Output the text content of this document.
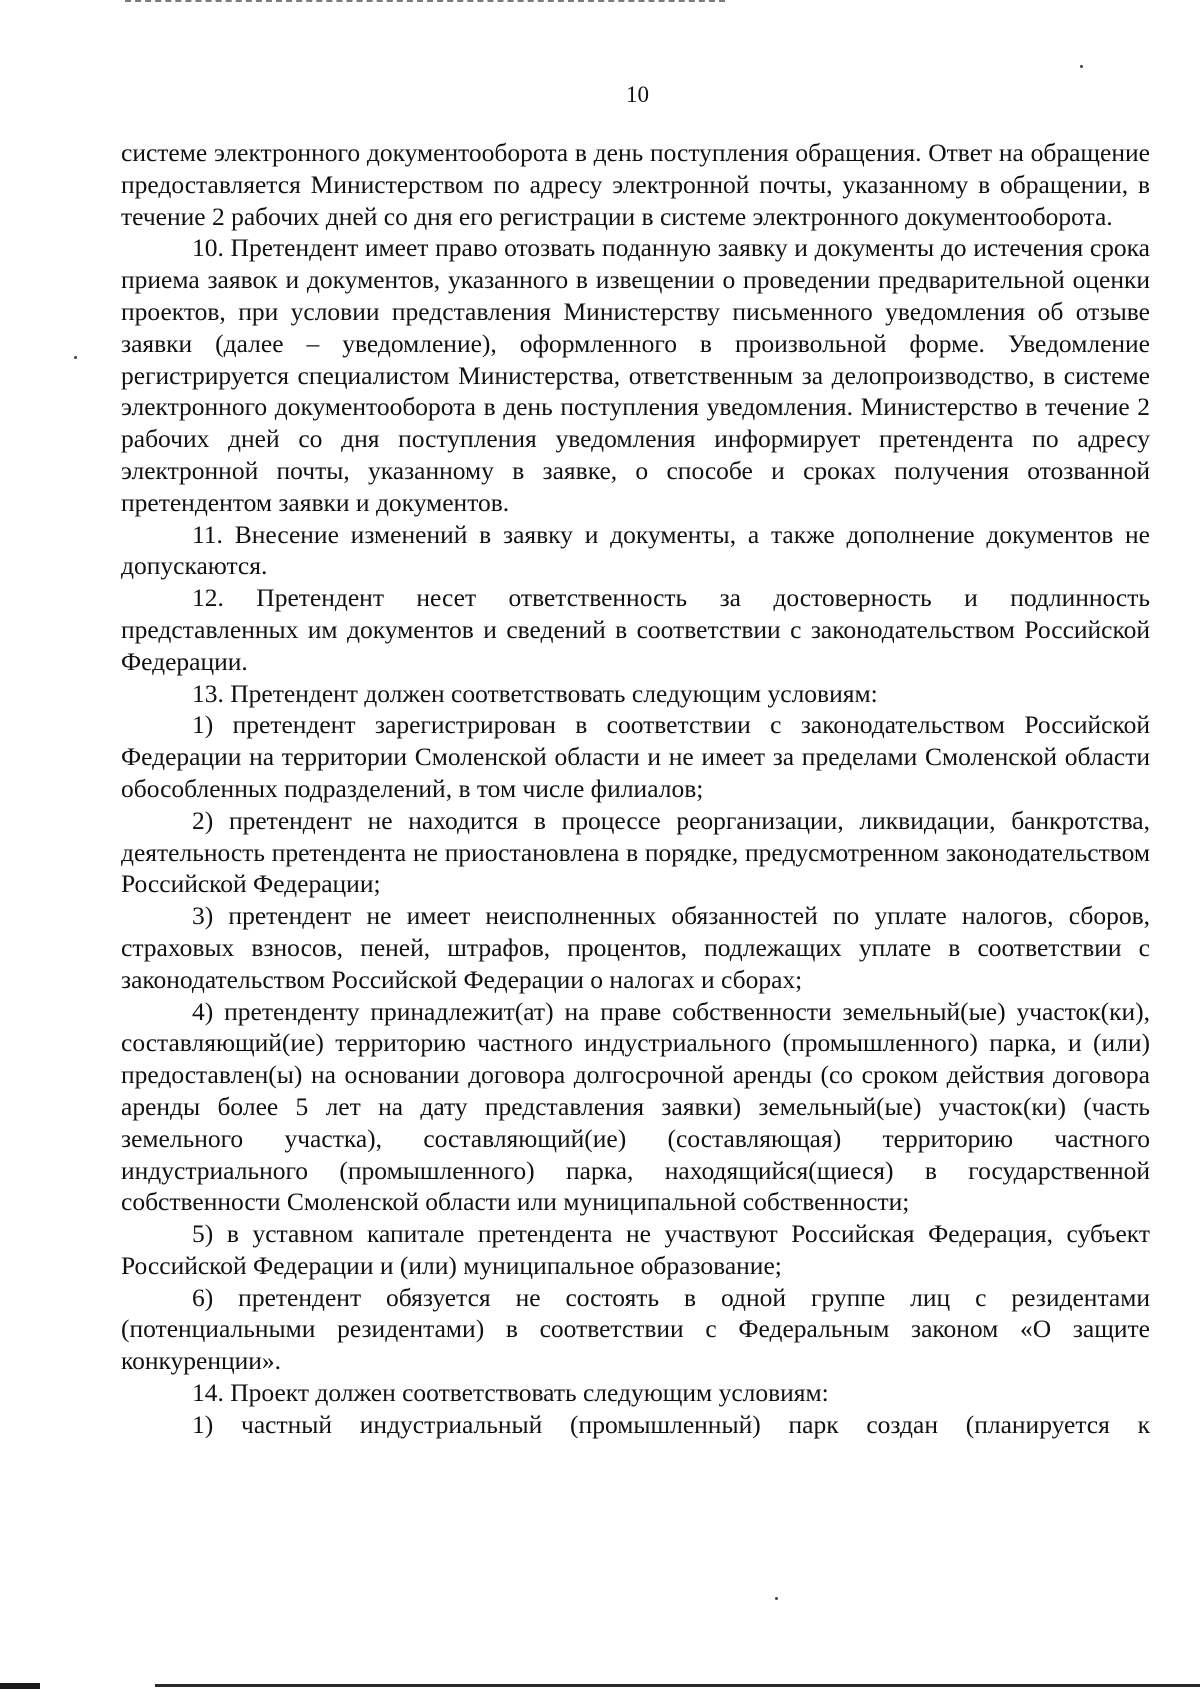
10

системе электронного документооборота в день поступления обращения. Ответ на обращение предоставляется Министерством по адресу электронной почты, указанному в обращении, в течение 2 рабочих дней со дня его регистрации в системе электронного документооборота.

10. Претендент имеет право отозвать поданную заявку и документы до истечения срока приема заявок и документов, указанного в извещении о проведении предварительной оценки проектов, при условии представления Министерству письменного уведомления об отзыве заявки (далее – уведомление), оформленного в произвольной форме. Уведомление регистрируется специалистом Министерства, ответственным за делопроизводство, в системе электронного документооборота в день поступления уведомления. Министерство в течение 2 рабочих дней со дня поступления уведомления информирует претендента по адресу электронной почты, указанному в заявке, о способе и сроках получения отозванной претендентом заявки и документов.

11. Внесение изменений в заявку и документы, а также дополнение документов не допускаются.

12. Претендент несет ответственность за достоверность и подлинность представленных им документов и сведений в соответствии с законодательством Российской Федерации.

13. Претендент должен соответствовать следующим условиям:

1) претендент зарегистрирован в соответствии с законодательством Российской Федерации на территории Смоленской области и не имеет за пределами Смоленской области обособленных подразделений, в том числе филиалов;

2) претендент не находится в процессе реорганизации, ликвидации, банкротства, деятельность претендента не приостановлена в порядке, предусмотренном законодательством Российской Федерации;

3) претендент не имеет неисполненных обязанностей по уплате налогов, сборов, страховых взносов, пеней, штрафов, процентов, подлежащих уплате в соответствии с законодательством Российской Федерации о налогах и сборах;

4) претенденту принадлежит(ат) на праве собственности земельный(ые) участок(ки), составляющий(ие) территорию частного индустриального (промышленного) парка, и (или) предоставлен(ы) на основании договора долгосрочной аренды (со сроком действия договора аренды более 5 лет на дату представления заявки) земельный(ые) участок(ки) (часть земельного участка), составляющий(ие) (составляющая) территорию частного индустриального (промышленного) парка, находящийся(щиеся) в государственной собственности Смоленской области или муниципальной собственности;

5) в уставном капитале претендента не участвуют Российская Федерация, субъект Российской Федерации и (или) муниципальное образование;

6) претендент обязуется не состоять в одной группе лиц с резидентами (потенциальными резидентами) в соответствии с Федеральным законом «О защите конкуренции».

14. Проект должен соответствовать следующим условиям:

1) частный индустриальный (промышленный) парк создан (планируется к
